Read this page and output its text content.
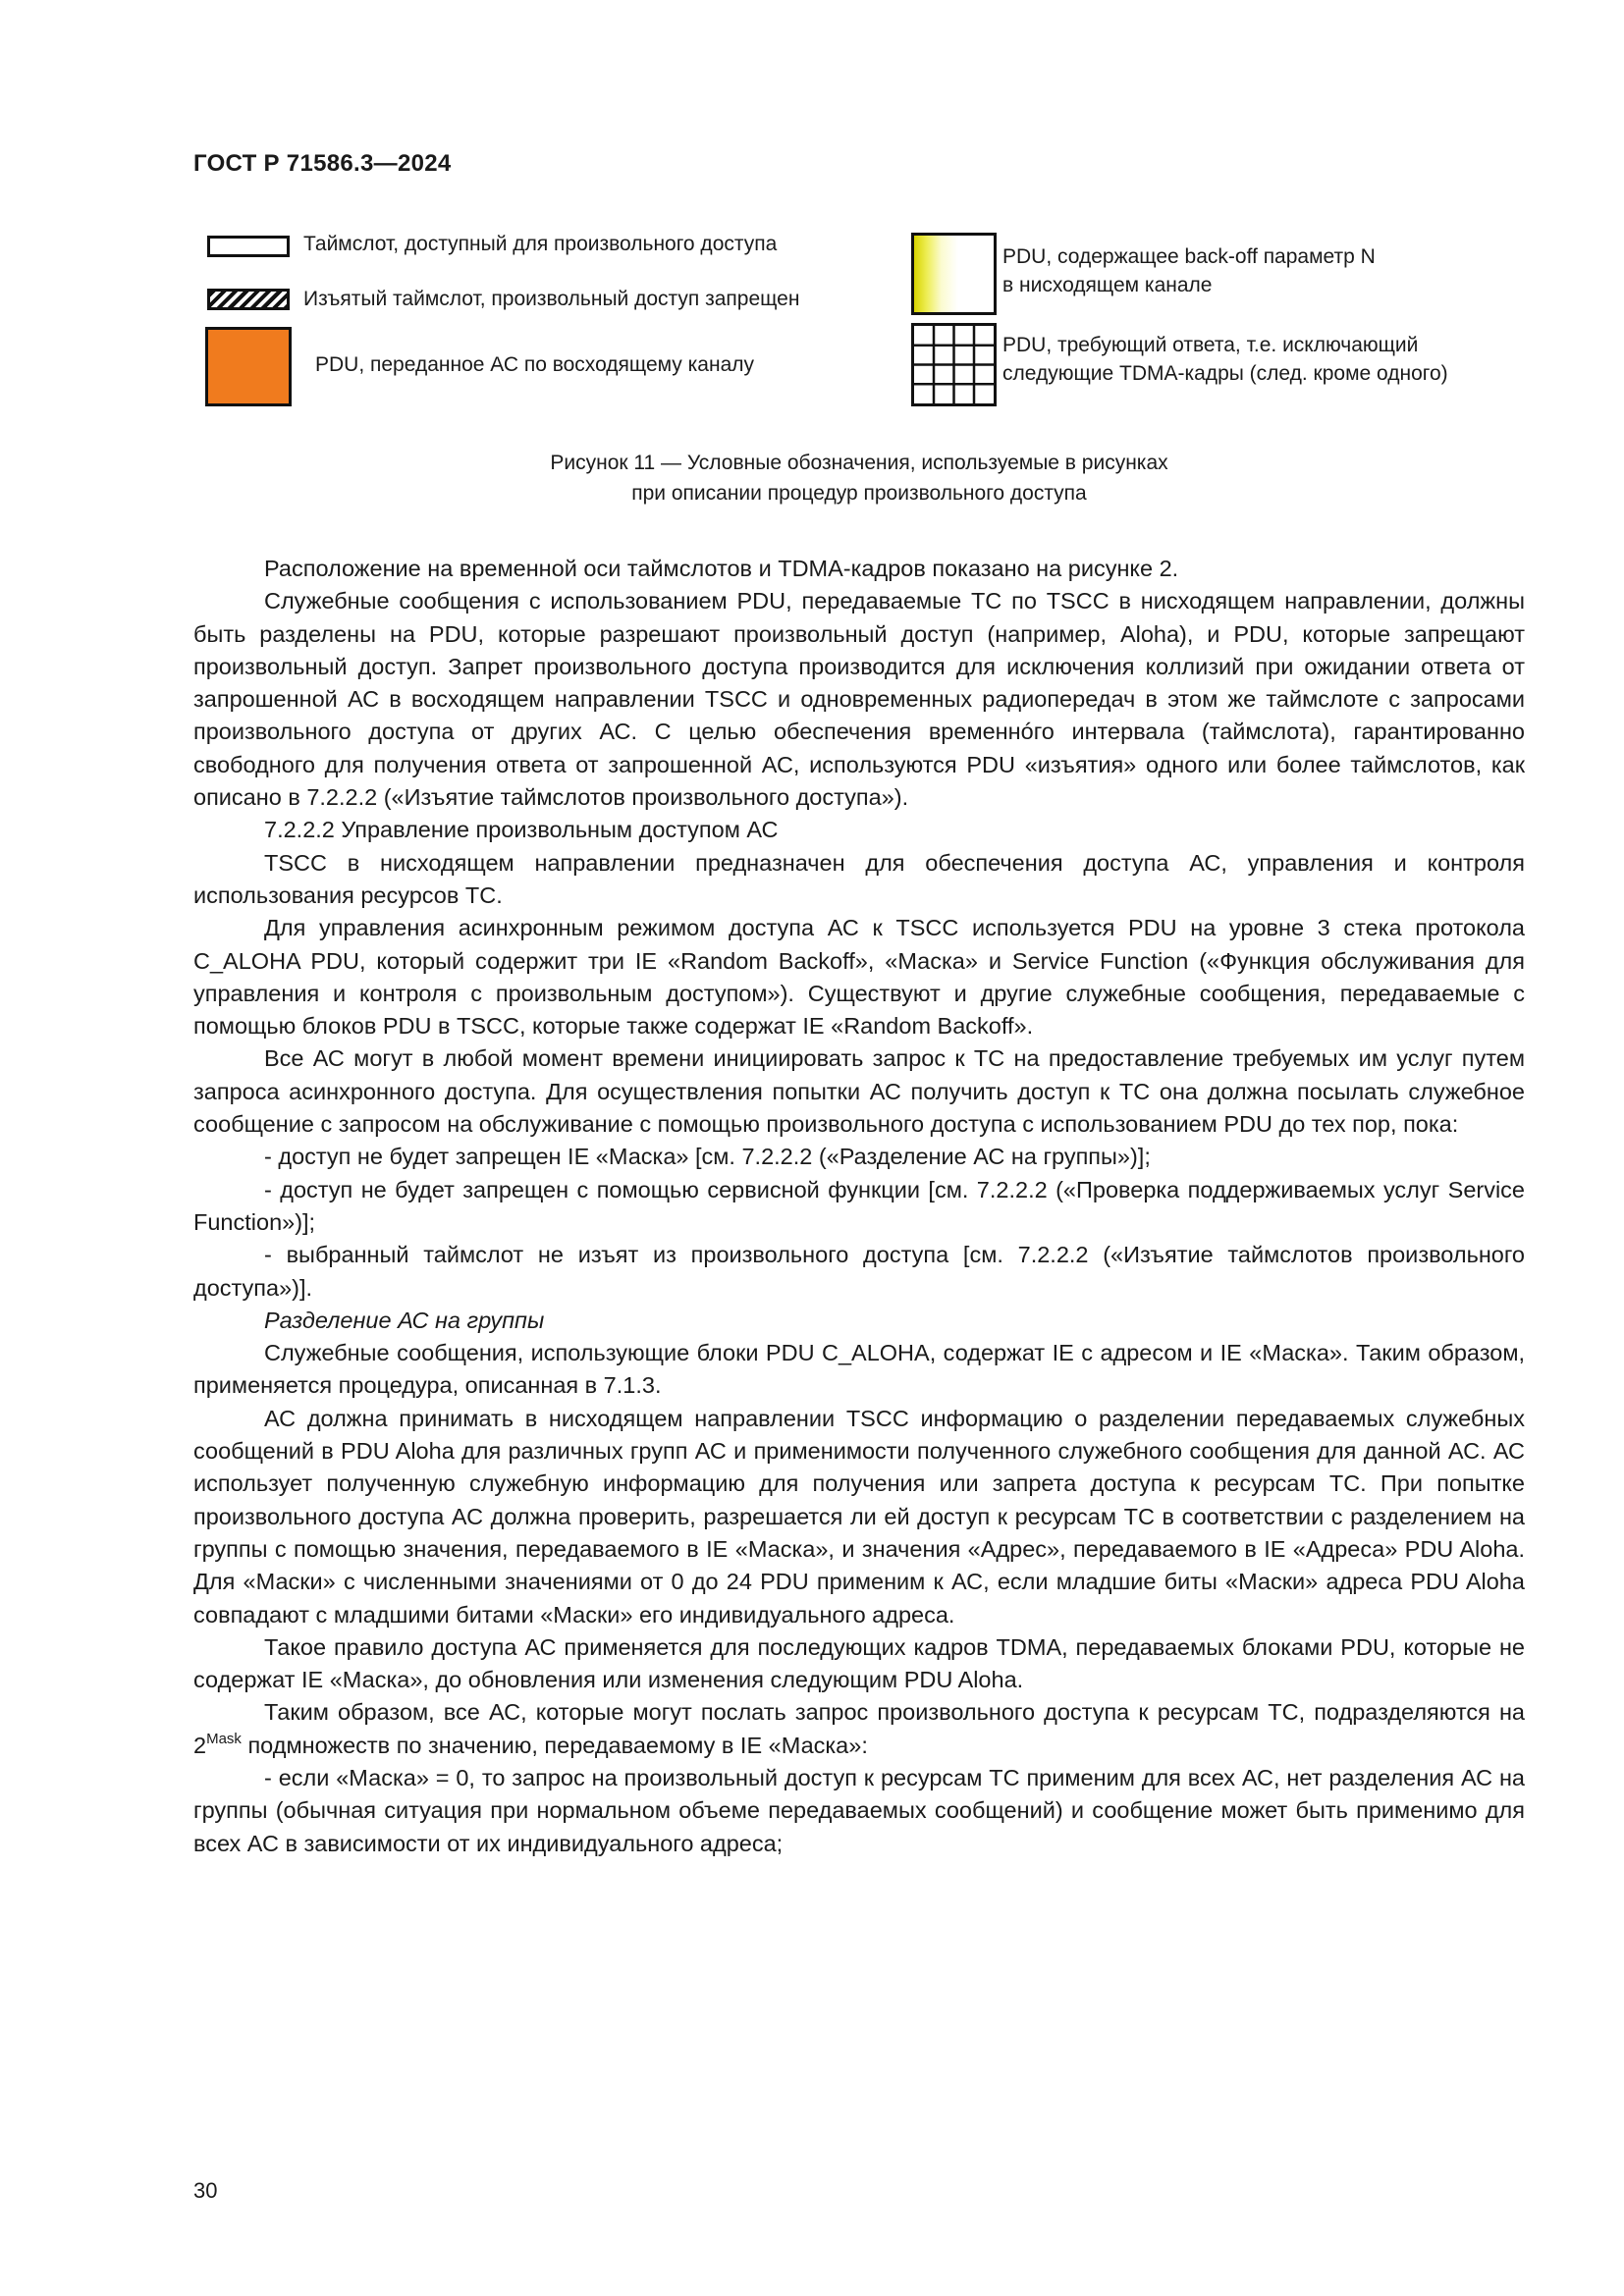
ГОСТ Р 71586.3—2024
Таймслот, доступный для произвольного доступа
Изъятый таймслот, произвольный доступ запрещен
PDU, переданное АС по восходящему каналу
PDU, содержащее back-off параметр N
в нисходящем канале
PDU, требующий ответа, т.е. исключающий
следующие TDMA-кадры (след. кроме одного)
Рисунок 11 — Условные обозначения, используемые в рисунках
при описании процедур произвольного доступа

Расположение на временной оси таймслотов и TDMA-кадров показано на рисунке 2.

Служебные сообщения с использованием PDU, передаваемые ТС по TSCC в нисходящем направлении, должны быть разделены на PDU, которые разрешают произвольный доступ (например, Aloha), и PDU, которые запрещают произвольный доступ. Запрет произвольного доступа производится для исключения коллизий при ожидании ответа от запрошенной АС в восходящем направлении TSCC и одновременных радиопередач в этом же таймслоте с запросами произвольного доступа от других АС. С целью обеспечения временнóго интервала (таймслота), гарантированно свободного для получения ответа от запрошенной АС, используются PDU «изъятия» одного или более таймслотов, как описано в 7.2.2.2 («Изъятие таймслотов произвольного доступа»).

7.2.2.2 Управление произвольным доступом АС

TSCC в нисходящем направлении предназначен для обеспечения доступа АС, управления и контроля использования ресурсов ТС.

Для управления асинхронным режимом доступа АС к TSCC используется PDU на уровне 3 стека протокола C_ALOHA PDU, который содержит три IE «Random Backoff», «Маска» и Service Function («Функция обслуживания для управления и контроля с произвольным доступом»). Существуют и другие служебные сообщения, передаваемые с помощью блоков PDU в TSCC, которые также содержат IE «Random Backoff».

Все АС могут в любой момент времени инициировать запрос к ТС на предоставление требуемых им услуг путем запроса асинхронного доступа. Для осуществления попытки АС получить доступ к ТС она должна посылать служебное сообщение с запросом на обслуживание с помощью произвольного доступа с использованием PDU до тех пор, пока:

- доступ не будет запрещен IE «Маска» [см. 7.2.2.2 («Разделение АС на группы»)];

- доступ не будет запрещен с помощью сервисной функции [см. 7.2.2.2 («Проверка поддерживаемых услуг Service Function»)];

- выбранный таймслот не изъят из произвольного доступа [см. 7.2.2.2 («Изъятие таймслотов произвольного доступа»)].

Разделение АС на группы

Служебные сообщения, использующие блоки PDU C_ALOHA, содержат IE с адресом и IE «Маска». Таким образом, применяется процедура, описанная в 7.1.3.

АС должна принимать в нисходящем направлении TSCC информацию о разделении передаваемых служебных сообщений в PDU Aloha для различных групп АС и применимости полученного служебного сообщения для данной АС. АС использует полученную служебную информацию для получения или запрета доступа к ресурсам ТС. При попытке произвольного доступа АС должна проверить, разрешается ли ей доступ к ресурсам ТС в соответствии с разделением на группы с помощью значения, передаваемого в IE «Маска», и значения «Адрес», передаваемого в IE «Адреса» PDU Aloha. Для «Маски» с численными значениями от 0 до 24 PDU применим к АС, если младшие биты «Маски» адреса PDU Aloha совпадают с младшими битами «Маски» его индивидуального адреса.

Такое правило доступа АС применяется для последующих кадров TDMA, передаваемых блоками PDU, которые не содержат IE «Маска», до обновления или изменения следующим PDU Aloha.

Таким образом, все АС, которые могут послать запрос произвольного доступа к ресурсам ТС, подразделяются на $2^{Mask}$ подмножеств по значению, передаваемому в IE «Маска»:

- если «Маска» = 0, то запрос на произвольный доступ к ресурсам ТС применим для всех АС, нет разделения АС на группы (обычная ситуация при нормальном объеме передаваемых сообщений) и сообщение может быть применимо для всех АС в зависимости от их индивидуального адреса;

30
